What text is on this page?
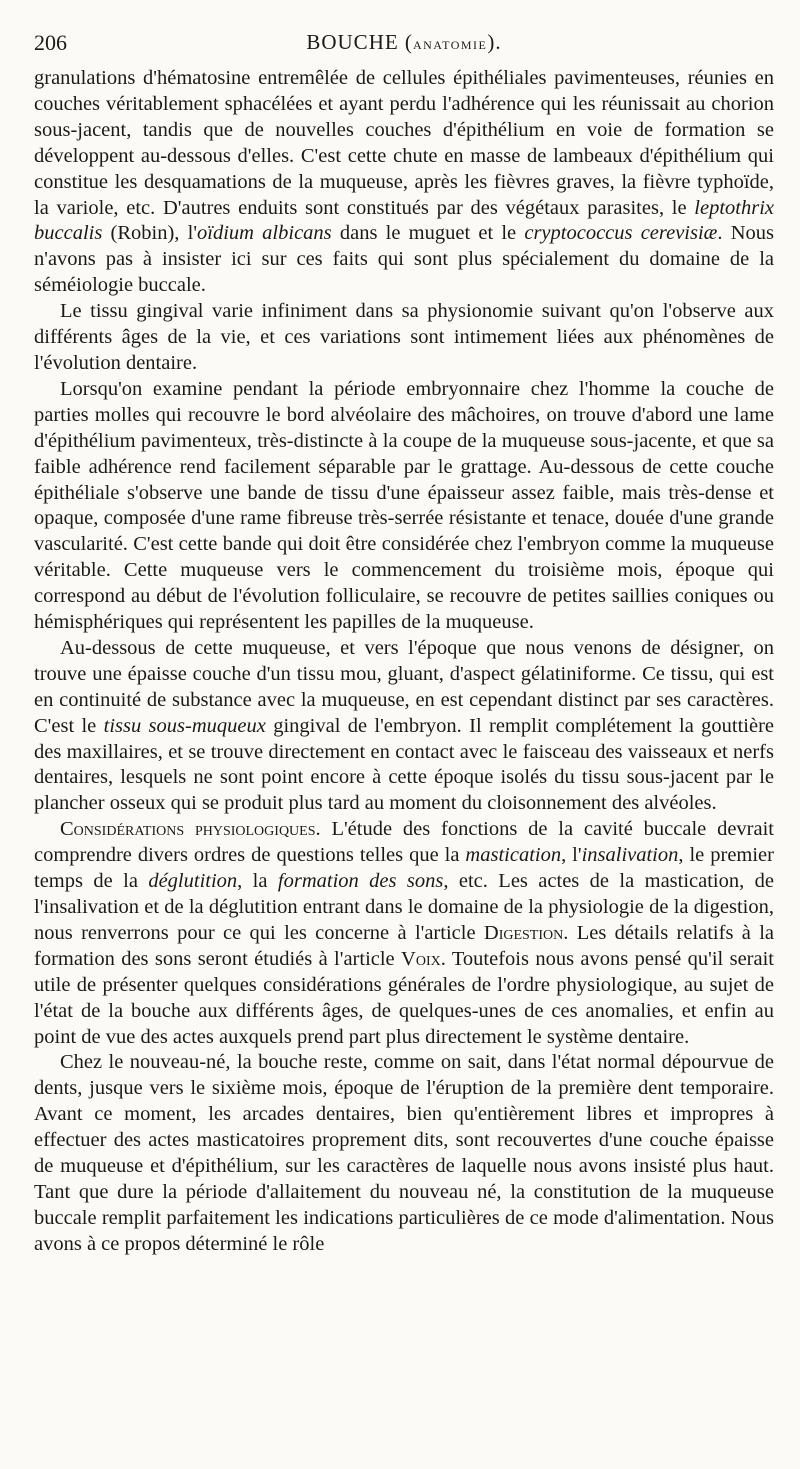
206	BOUCHE (anatomie).

granulations d'hématosine entremêlée de cellules épithéliales pavimenteuses, réunies en couches véritablement sphacélées et ayant perdu l'adhérence qui les réunissait au chorion sous-jacent, tandis que de nouvelles couches d'épithélium en voie de formation se développent au-dessous d'elles. C'est cette chute en masse de lambeaux d'épithélium qui constitue les desquamations de la muqueuse, après les fièvres graves, la fièvre typhoïde, la variole, etc. D'autres enduits sont constitués par des végétaux parasites, le leptothrix buccalis (Robin), l'oïdium albicans dans le muguet et le cryptococcus cerevisiæ. Nous n'avons pas à insister ici sur ces faits qui sont plus spécialement du domaine de la séméiologie buccale.

Le tissu gingival varie infiniment dans sa physionomie suivant qu'on l'observe aux différents âges de la vie, et ces variations sont intimement liées aux phénomènes de l'évolution dentaire.

Lorsqu'on examine pendant la période embryonnaire chez l'homme la couche de parties molles qui recouvre le bord alvéolaire des mâchoires, on trouve d'abord une lame d'épithélium pavimenteux, très-distincte à la coupe de la muqueuse sous-jacente, et que sa faible adhérence rend facilement séparable par le grattage. Au-dessous de cette couche épithéliale s'observe une bande de tissu d'une épaisseur assez faible, mais très-dense et opaque, composée d'une rame fibreuse très-serrée résistante et tenace, douée d'une grande vascularité. C'est cette bande qui doit être considérée chez l'embryon comme la muqueuse véritable. Cette muqueuse vers le commencement du troisième mois, époque qui correspond au début de l'évolution folliculaire, se recouvre de petites saillies coniques ou hémisphériques qui représentent les papilles de la muqueuse.

Au-dessous de cette muqueuse, et vers l'époque que nous venons de désigner, on trouve une épaisse couche d'un tissu mou, gluant, d'aspect gélatiniforme. Ce tissu, qui est en continuité de substance avec la muqueuse, en est cependant distinct par ses caractères. C'est le tissu sous-muqueux gingival de l'embryon. Il remplit complétement la gouttière des maxillaires, et se trouve directement en contact avec le faisceau des vaisseaux et nerfs dentaires, lesquels ne sont point encore à cette époque isolés du tissu sous-jacent par le plancher osseux qui se produit plus tard au moment du cloisonnement des alvéoles.

Considérations physiologiques. L'étude des fonctions de la cavité buccale devrait comprendre divers ordres de questions telles que la mastication, l'insalivation, le premier temps de la déglutition, la formation des sons, etc. Les actes de la mastication, de l'insalivation et de la déglutition entrant dans le domaine de la physiologie de la digestion, nous renverrons pour ce qui les concerne à l'article Digestion. Les détails relatifs à la formation des sons seront étudiés à l'article Voix. Toutefois nous avons pensé qu'il serait utile de présenter quelques considérations générales de l'ordre physiologique, au sujet de l'état de la bouche aux différents âges, de quelques-unes de ces anomalies, et enfin au point de vue des actes auxquels prend part plus directement le système dentaire.

Chez le nouveau-né, la bouche reste, comme on sait, dans l'état normal dépourvue de dents, jusque vers le sixième mois, époque de l'éruption de la première dent temporaire. Avant ce moment, les arcades dentaires, bien qu'entièrement libres et impropres à effectuer des actes masticatoires proprement dits, sont recouvertes d'une couche épaisse de muqueuse et d'épithélium, sur les caractères de laquelle nous avons insisté plus haut. Tant que dure la période d'allaitement du nouveau né, la constitution de la muqueuse buccale remplit parfaitement les indications particulières de ce mode d'alimentation. Nous avons à ce propos déterminé le rôle
